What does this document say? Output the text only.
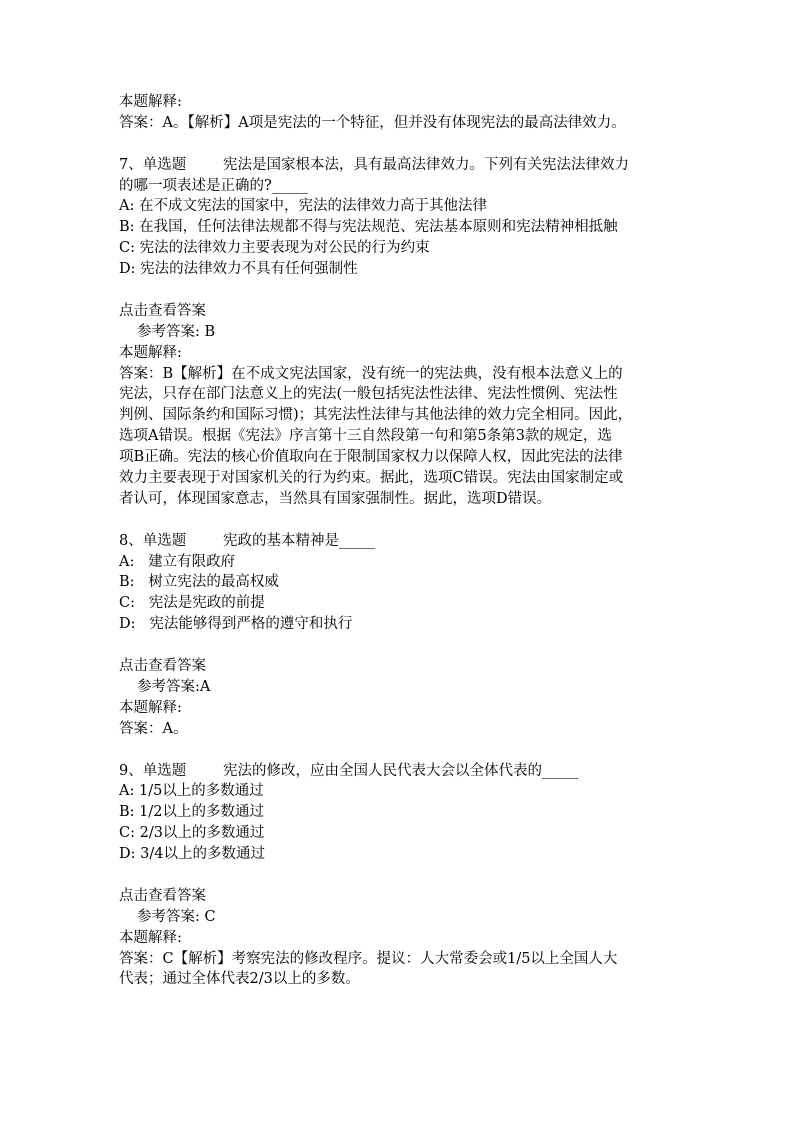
本题解释:
答案：A。【解析】A项是宪法的一个特征，但并没有体现宪法的最高法律效力。
7、单选题	宪法是国家根本法，具有最高法律效力。下列有关宪法法律效力
的哪一项表述是正确的?_____
A: 在不成文宪法的国家中，宪法的法律效力高于其他法律
B: 在我国，任何法律法规都不得与宪法规范、宪法基本原则和宪法精神相抵触
C: 宪法的法律效力主要表现为对公民的行为约束
D: 宪法的法律效力不具有任何强制性
点击查看答案
参考答案: B
本题解释:
答案：B【解析】在不成文宪法国家，没有统一的宪法典，没有根本法意义上的
宪法，只存在部门法意义上的宪法(一般包括宪法性法律、宪法性惯例、宪法性
判例、国际条约和国际习惯)；其宪法性法律与其他法律的效力完全相同。因此，
选项A错误。根据《宪法》序言第十三自然段第一句和第5条第3款的规定，选
项B正确。宪法的核心价值取向在于限制国家权力以保障人权，因此宪法的法律
效力主要表现于对国家机关的行为约束。据此，选项C错误。宪法由国家制定或
者认可，体现国家意志，当然具有国家强制性。据此，选项D错误。
8、单选题	宪政的基本精神是_____
A:   建立有限政府
B:   树立宪法的最高权威
C:   宪法是宪政的前提
D:   宪法能够得到严格的遵守和执行
点击查看答案
参考答案:A
本题解释:
答案：A。
9、单选题	宪法的修改，应由全国人民代表大会以全体代表的_____
A: 1/5以上的多数通过
B: 1/2以上的多数通过
C: 2/3以上的多数通过
D: 3/4以上的多数通过
点击查看答案
参考答案: C
本题解释:
答案：C【解析】考察宪法的修改程序。提议：人大常委会或1/5以上全国人大
代表；通过全体代表2/3以上的多数。
